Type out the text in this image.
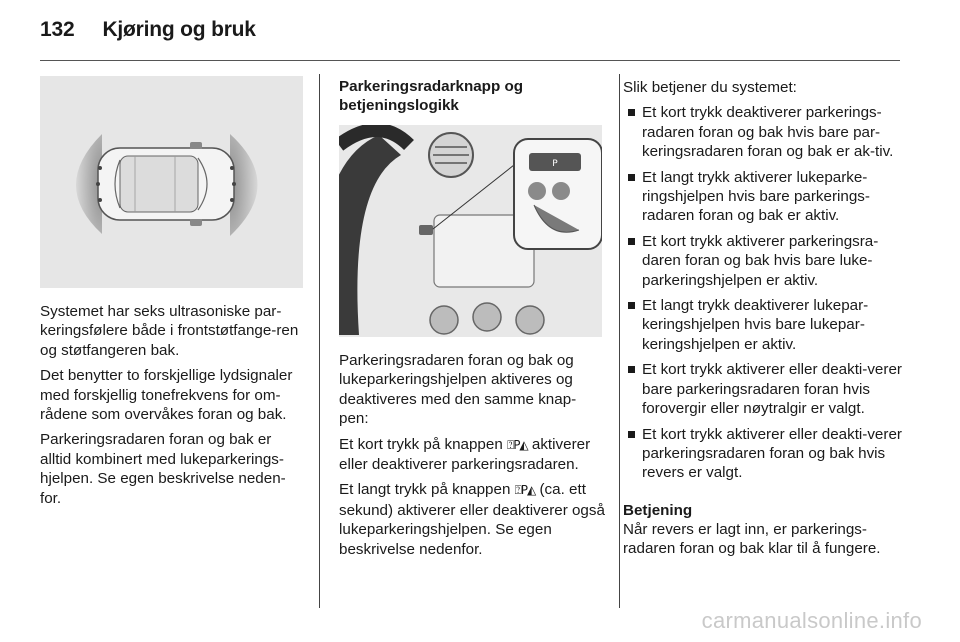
132 Kjøring og bruk

Systemet har seks ultrasoniske par-keringsfølere både i frontstøtfange-ren og støtfangeren bak.

Det benytter to forskjellige lydsignaler med forskjellig tonefrekvens for om-rådene som overvåkes foran og bak.

Parkeringsradaren foran og bak er alltid kombinert med lukeparkerings-hjelpen. Se egen beskrivelse neden-for.

Parkeringsradarknapp og betjeningslogikk
P

Parkeringsradaren foran og bak og lukeparkeringshjelpen aktiveres og deaktiveres med den samme knap-pen:

Et kort trykk på knappen ⍰P◭ aktiverer eller deaktiverer parkeringsradaren.

Et langt trykk på knappen ⍰P◭ (ca. ett sekund) aktiverer eller deaktiverer også lukeparkeringshjelpen. Se egen beskrivelse nedenfor.

Slik betjener du systemet:

Et kort trykk deaktiverer parkerings-radaren foran og bak hvis bare par-keringsradaren foran og bak er ak-tiv.
Et langt trykk aktiverer lukeparke-ringshjelpen hvis bare parkerings-radaren foran og bak er aktiv.
Et kort trykk aktiverer parkeringsra-daren foran og bak hvis bare luke-parkeringshjelpen er aktiv.
Et langt trykk deaktiverer lukepar-keringshjelpen hvis bare lukepar-keringshjelpen er aktiv.
Et kort trykk aktiverer eller deakti-verer bare parkeringsradaren foran hvis forovergir eller nøytralgir er valgt.
Et kort trykk aktiverer eller deakti-verer parkeringsradaren foran og bak hvis revers er valgt.
Betjening

Når revers er lagt inn, er parkerings-radaren foran og bak klar til å fungere.

carmanualsonline.info
